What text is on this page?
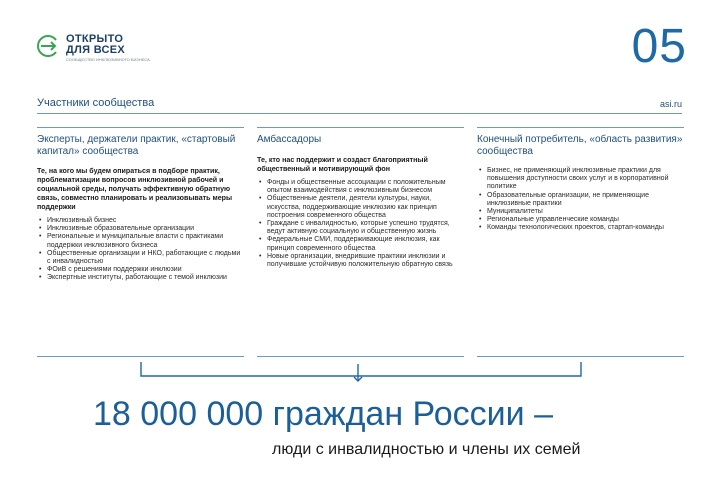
ОТКРЫТО
ДЛЯ ВСЕХ
СООБЩЕСТВО ИНКЛЮЗИВНОГО БИЗНЕСА	05
Участники сообщества	asi.ru
Эксперты, держатели практик, «стартовый капитал» сообщества
Те, на кого мы будем опираться в подборе практик, проблематизации вопросов инклюзивной рабочей и социальной среды, получать эффективную обратную связь, совместно планировать и реализовывать меры поддержки
• Инклюзивный бизнес
• Инклюзивные образовательные организации
• Региональные и муниципальные власти с практиками поддержки инклюзивного бизнеса
• Общественные организации и НКО, работающие с людьми с инвалидностью
• ФОиВ с решениями поддержки инклюзии
• Экспертные институты, работающие с темой инклюзии
Амбассадоры
Те, кто нас поддержит и создаст благоприятный общественный и мотивирующий фон
• Фонды и общественные ассоциации с положительным опытом взаимодействия с инклюзивным бизнесом
• Общественные деятели, деятели культуры, науки, искусства, поддерживающие инклюзию как принцип построения современного общества
• Граждане с инвалидностью, которые успешно трудятся, ведут активную социальную и общественную жизнь
• Федеральные СМИ, поддерживающие инклюзия, как принцип современного общества
• Новые организации, внедрившие практики инклюзии и получившие устойчивую положительную обратную связь
Конечный потребитель, «область развития» сообщества
• Бизнес, не применяющий инклюзивные практики для повышения доступности своих услуг и в корпоративной политике
• Образовательные организации, не применяющие инклюзивные практики
• Муниципалитеты
• Региональные управленческие команды
• Команды технологических проектов, стартап-команды
18 000 000 граждан России –
люди с инвалидностью и члены их семей
